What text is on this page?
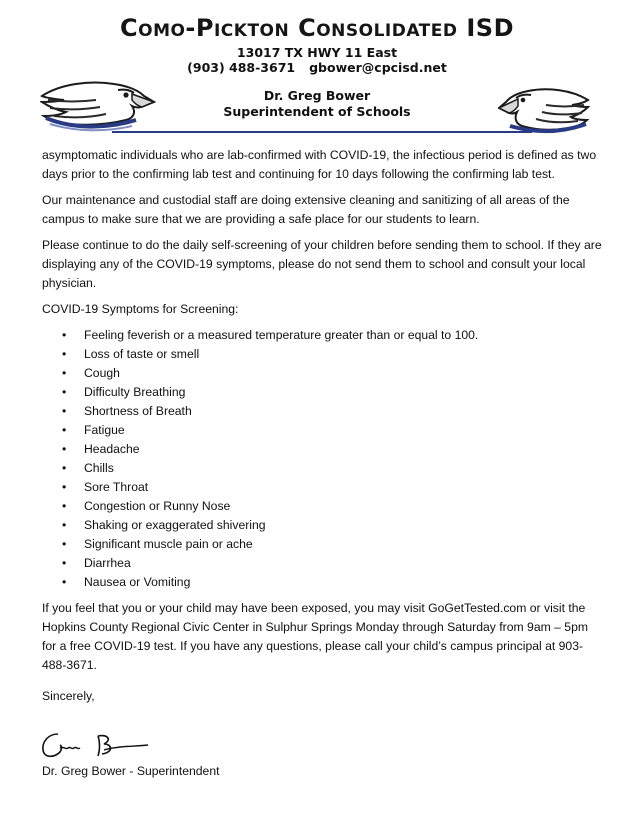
Como-Pickton Consolidated ISD
13017 TX HWY 11 East
(903) 488-3671 gbower@cpcisd.net
Dr. Greg Bower
Superintendent of Schools

asymptomatic individuals who are lab-confirmed with COVID-19, the infectious period is defined as two days prior to the confirming lab test and continuing for 10 days following the confirming lab test.

Our maintenance and custodial staff are doing extensive cleaning and sanitizing of all areas of the campus to make sure that we are providing a safe place for our students to learn.

Please continue to do the daily self-screening of your children before sending them to school. If they are displaying any of the COVID-19 symptoms, please do not send them to school and consult your local physician.

COVID-19 Symptoms for Screening:

• Feeling feverish or a measured temperature greater than or equal to 100.
• Loss of taste or smell
• Cough
• Difficulty Breathing
• Shortness of Breath
• Fatigue
• Headache
• Chills
• Sore Throat
• Congestion or Runny Nose
• Shaking or exaggerated shivering
• Significant muscle pain or ache
• Diarrhea
• Nausea or Vomiting

If you feel that you or your child may have been exposed, you may visit GoGetTested.com or visit the Hopkins County Regional Civic Center in Sulphur Springs Monday through Saturday from 9am – 5pm for a free COVID-19 test. If you have any questions, please call your child’s campus principal at 903-488-3671.

Sincerely,

Dr. Greg Bower - Superintendent
